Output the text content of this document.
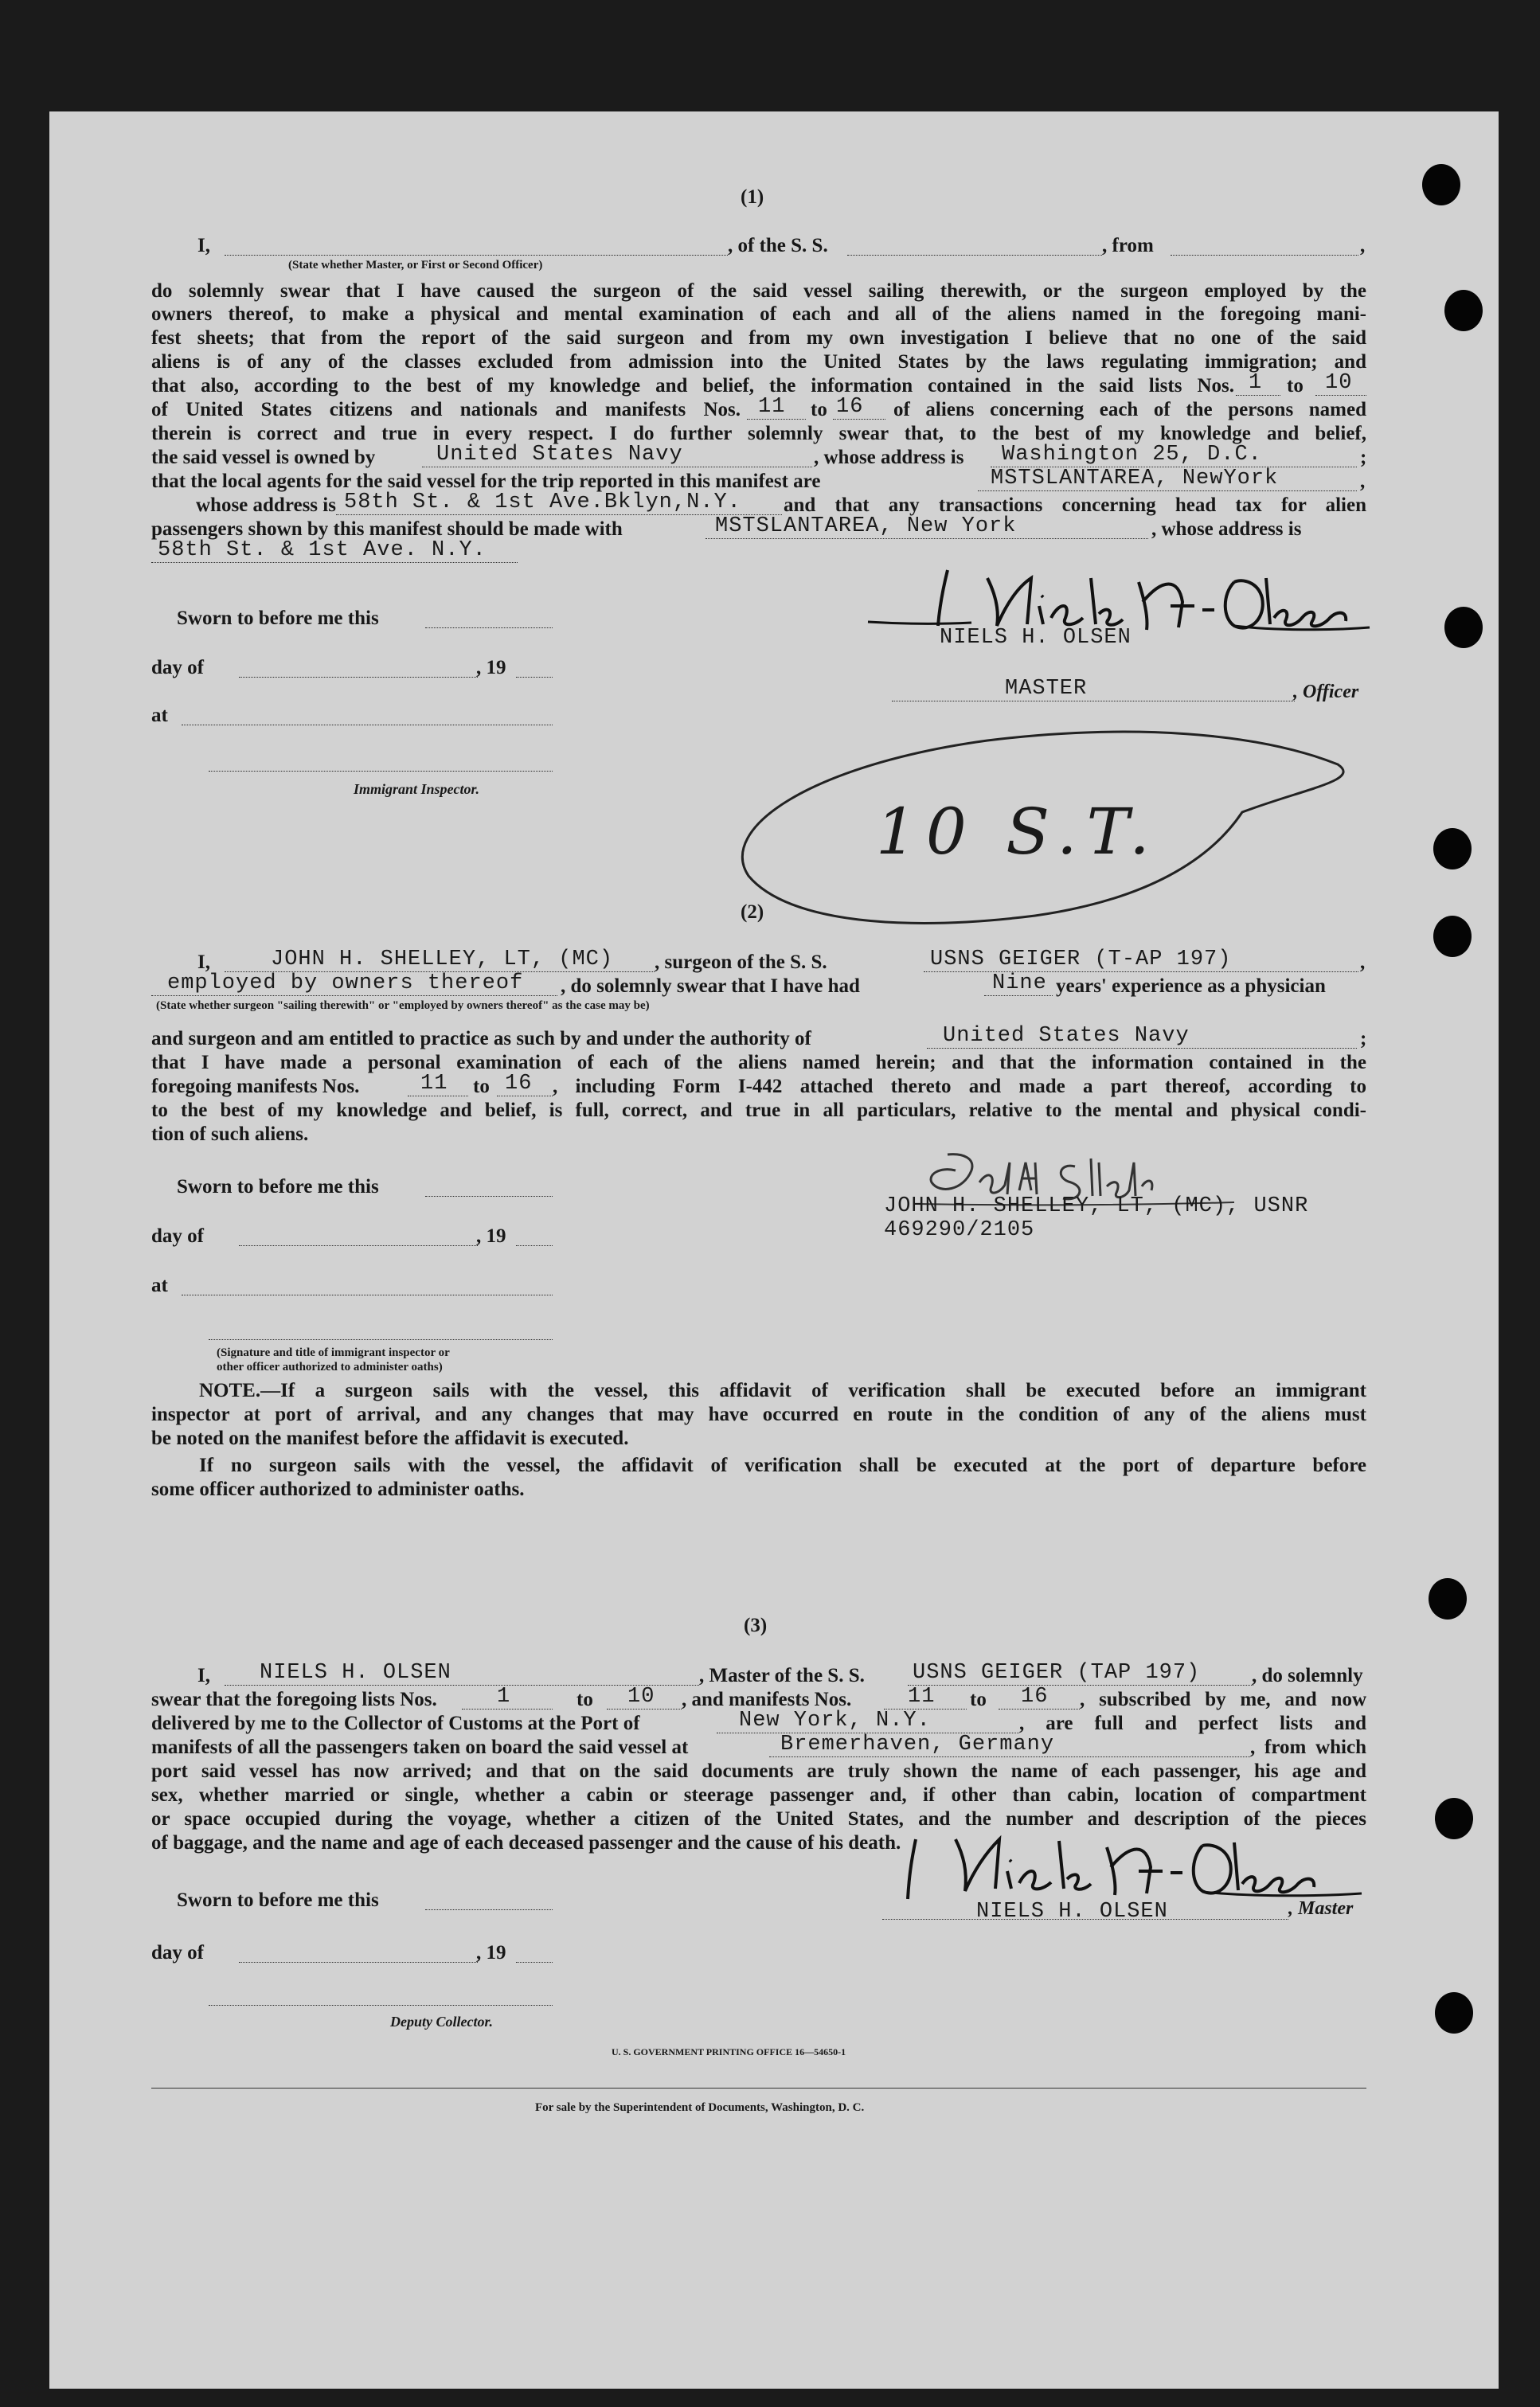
(1)
I,	, of the S. S.	, from	,
(State whether Master, or First or Second Officer)
do solemnly swear that I have caused the surgeon of the said vessel sailing therewith, or the surgeon employed by the
owners thereof, to make a physical and mental examination of each and all of the aliens named in the foregoing mani-
fest sheets; that from the report of the said surgeon and from my own investigation I believe that no one of the said
aliens is of any of the classes excluded from admission into the United States by the laws regulating immigration; and
that also, according to the best of my knowledge and belief, the information contained in the said lists Nos. 1 to 10
of United States citizens and nationals and manifests Nos. 11 to 16 of aliens concerning each of the persons named
therein is correct and true in every respect. I do further solemnly swear that, to the best of my knowledge and belief,
the said vessel is owned by	United States Navy	, whose address is Washington 25, D.C.	;
that the local agents for the said vessel for the trip reported in this manifest are	MSTSLANTAREA, NewYork	,
whose address is 58th St. & 1st Ave.Bklyn,N.Y. and that any transactions concerning head tax for alien
passengers shown by this manifest should be made with	MSTSLANTAREA, New York	, whose address is
58th St. & 1st Ave. N.Y.
Sworn to before me this
day of	, 19
at
Immigrant Inspector.
NIELS H. OLSEN
MASTER	, Officer
10 S.T.
(2)
I,	JOHN H. SHELLEY, LT, (MC) , surgeon of the S. S.	USNS GEIGER (T-AP 197)	,
employed by owners thereof , do solemnly swear that I have had	Nine years' experience as a physician
(State whether surgeon "sailing therewith" or "employed by owners thereof" as the case may be)
and surgeon and am entitled to practice as such by and under the authority of	United States Navy	;
that I have made a personal examination of each of the aliens named herein; and that the information contained in the
foregoing manifests Nos.	11 to 16 , including Form I-442 attached thereto and made a part thereof, according to
to the best of my knowledge and belief, is full, correct, and true in all particulars, relative to the mental and physical condi-
tion of such aliens.
Sworn to before me this
day of	, 19
at
(Signature and title of immigrant inspector or
other officer authorized to administer oaths)
JOHN H. SHELLEY, LT, (MC), USNR
469290/2105
NOTE.—If a surgeon sails with the vessel, this affidavit of verification shall be executed before an immigrant
inspector at port of arrival, and any changes that may have occurred en route in the condition of any of the aliens must
be noted on the manifest before the affidavit is executed.
If no surgeon sails with the vessel, the affidavit of verification shall be executed at the port of departure before
some officer authorized to administer oaths.
(3)
I, NIELS H. OLSEN	, Master of the S. S. USNS GEIGER (TAP 197)	, do solemnly
swear that the foregoing lists Nos.	1	to 10 , and manifests Nos.	11 to 16 , subscribed by me, and now
delivered by me to the Collector of Customs at the Port of	New York, N.Y.	, are full and perfect lists and
manifests of all the passengers taken on board the said vessel at	Bremerhaven, Germany	, from which
port said vessel has now arrived; and that on the said documents are truly shown the name of each passenger, his age and
sex, whether married or single, whether a cabin or steerage passenger and, if other than cabin, location of compartment
or space occupied during the voyage, whether a citizen of the United States, and the number and description of the pieces
of baggage, and the name and age of each deceased passenger and the cause of his death.
Sworn to before me this
day of	, 19
Deputy Collector.
NIELS H. OLSEN	, Master
U. S. GOVERNMENT PRINTING OFFICE 16—54650-1
For sale by the Superintendent of Documents, Washington, D. C.
